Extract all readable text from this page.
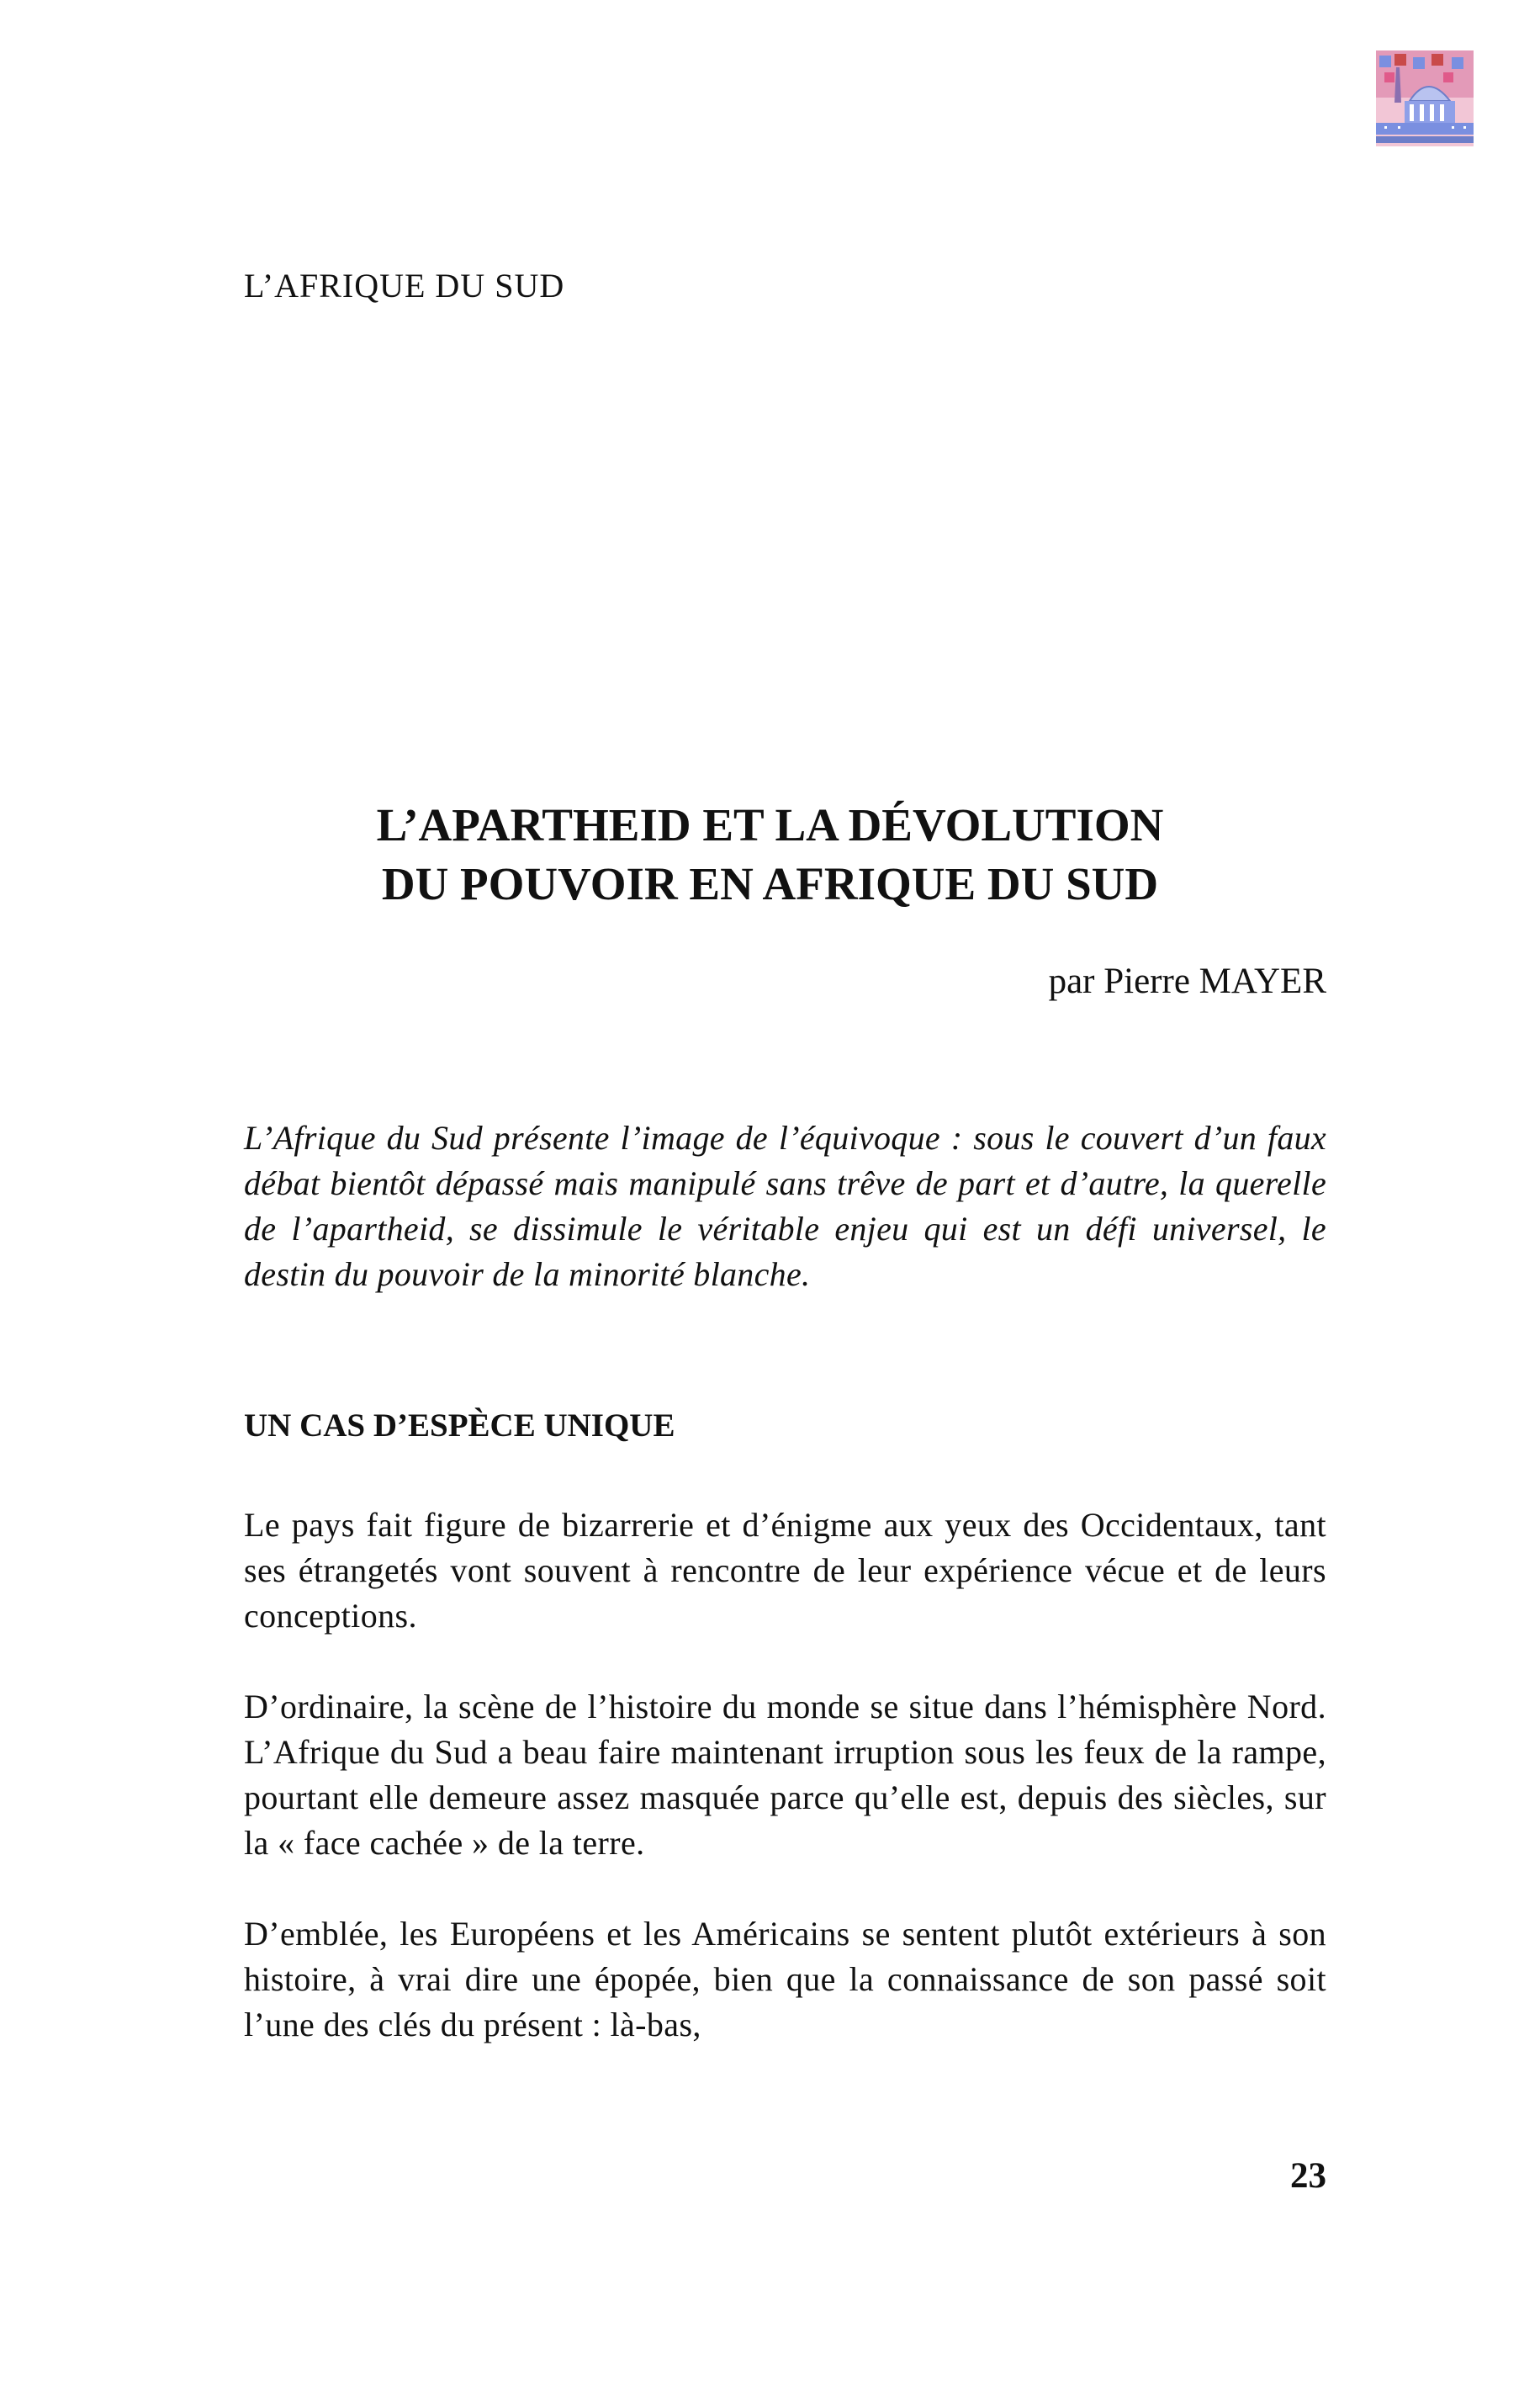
L’AFRIQUE DU SUD
L’APARTHEID ET LA DÉVOLUTION
DU POUVOIR EN AFRIQUE DU SUD

par Pierre MAYER

L’Afrique du Sud présente l’image de l’équivoque : sous le couvert d’un faux débat bientôt dépassé mais manipulé sans trêve de part et d’autre, la querelle de l’apartheid, se dissimule le véritable enjeu qui est un défi universel, le destin du pouvoir de la minorité blanche.

UN CAS D’ESPÈCE UNIQUE

Le pays fait figure de bizarrerie et d’énigme aux yeux des Occidentaux, tant ses étrangetés vont souvent à rencontre de leur expérience vécue et de leurs conceptions.

D’ordinaire, la scène de l’histoire du monde se situe dans l’hémisphère Nord. L’Afrique du Sud a beau faire maintenant irruption sous les feux de la rampe, pourtant elle demeure assez masquée parce qu’elle est, depuis des siècles, sur la « face cachée » de la terre.

D’emblée, les Européens et les Américains se sentent plutôt extérieurs à son histoire, à vrai dire une épopée, bien que la connaissance de son passé soit l’une des clés du présent : là-bas,

23
